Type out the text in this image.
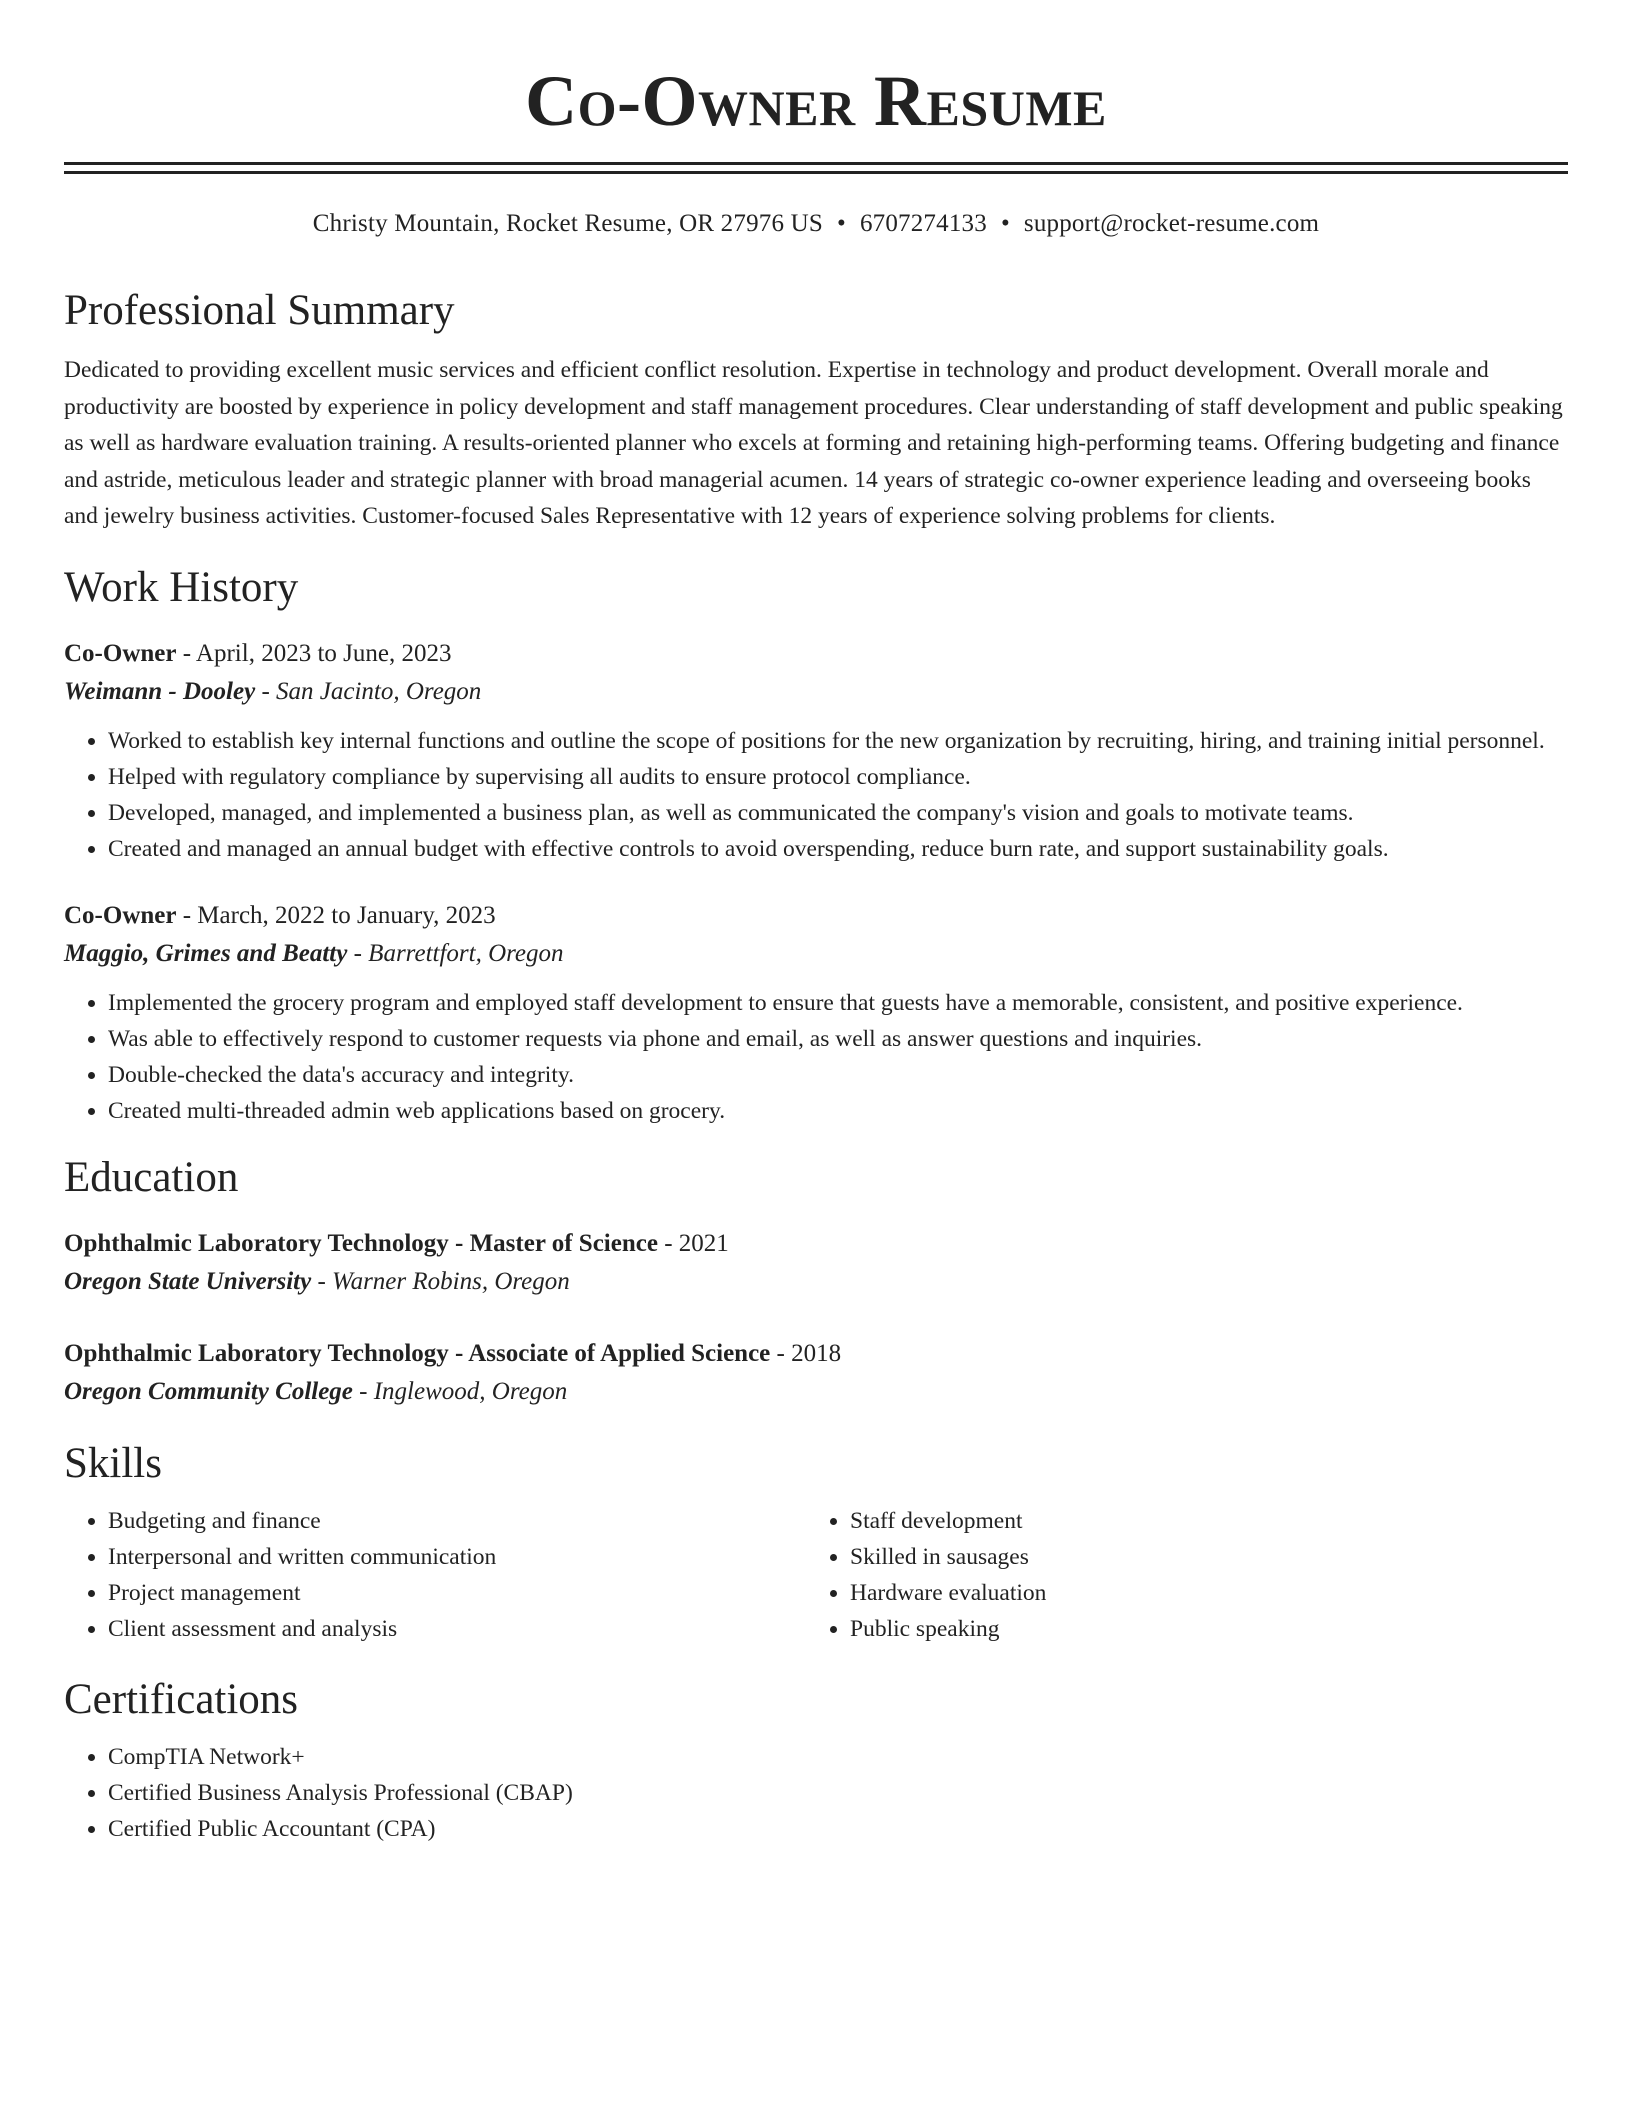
Co-Owner Resume
Christy Mountain, Rocket Resume, OR 27976 US • 6707274133 • support@rocket-resume.com
Professional Summary

Dedicated to providing excellent music services and efficient conflict resolution. Expertise in technology and product development. Overall morale and productivity are boosted by experience in policy development and staff management procedures. Clear understanding of staff development and public speaking as well as hardware evaluation training. A results-oriented planner who excels at forming and retaining high-performing teams. Offering budgeting and finance and astride, meticulous leader and strategic planner with broad managerial acumen. 14 years of strategic co-owner experience leading and overseeing books and jewelry business activities. Customer-focused Sales Representative with 12 years of experience solving problems for clients.

Work History
Co-Owner - April, 2023 to June, 2023
Weimann - Dooley - San Jacinto, Oregon
• Worked to establish key internal functions and outline the scope of positions for the new organization by recruiting, hiring, and training initial personnel.
• Helped with regulatory compliance by supervising all audits to ensure protocol compliance.
• Developed, managed, and implemented a business plan, as well as communicated the company's vision and goals to motivate teams.
• Created and managed an annual budget with effective controls to avoid overspending, reduce burn rate, and support sustainability goals.
Co-Owner - March, 2022 to January, 2023
Maggio, Grimes and Beatty - Barrettfort, Oregon
• Implemented the grocery program and employed staff development to ensure that guests have a memorable, consistent, and positive experience.
• Was able to effectively respond to customer requests via phone and email, as well as answer questions and inquiries.
• Double-checked the data's accuracy and integrity.
• Created multi-threaded admin web applications based on grocery.
Education
Ophthalmic Laboratory Technology - Master of Science - 2021
Oregon State University - Warner Robins, Oregon
Ophthalmic Laboratory Technology - Associate of Applied Science - 2018
Oregon Community College - Inglewood, Oregon
Skills
• Budgeting and finance
• Interpersonal and written communication
• Project management
• Client assessment and analysis
• Staff development
• Skilled in sausages
• Hardware evaluation
• Public speaking
Certifications
• CompTIA Network+
• Certified Business Analysis Professional (CBAP)
• Certified Public Accountant (CPA)
